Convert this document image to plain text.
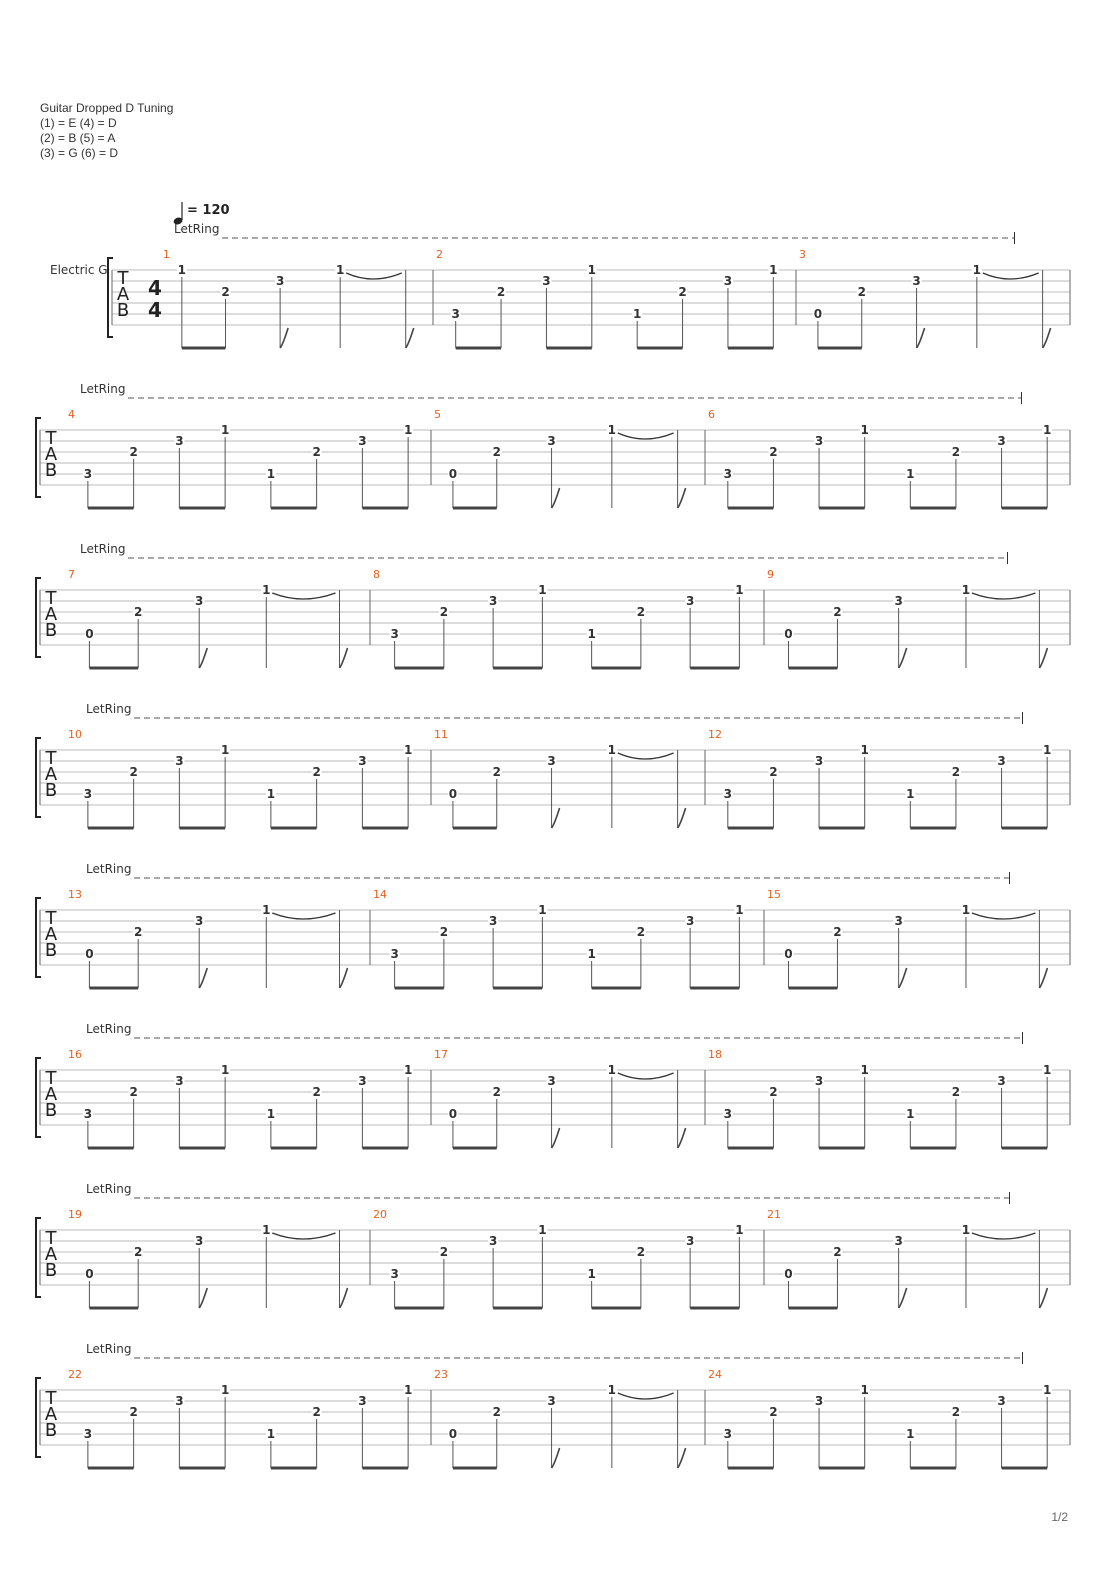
Guitar Dropped D Tuning
(1) = E (4) = D
(2) = B (5) = A
(3) = G (6) = D
= 120
Electric G
LetRing
T
A
B
4
4
1
1
2
3
1
2
3
2
3
1
1
2
3
1
3
0
2
3
1
LetRing
T
A
B
4
3
2
3
1
1
2
3
1
5
0
2
3
1
6
3
2
3
1
1
2
3
1
LetRing
T
A
B
7
0
2
3
1
8
3
2
3
1
1
2
3
1
9
0
2
3
1
LetRing
T
A
B
10
3
2
3
1
1
2
3
1
11
0
2
3
1
12
3
2
3
1
1
2
3
1
LetRing
T
A
B
13
0
2
3
1
14
3
2
3
1
1
2
3
1
15
0
2
3
1
LetRing
T
A
B
16
3
2
3
1
1
2
3
1
17
0
2
3
1
18
3
2
3
1
1
2
3
1
LetRing
T
A
B
19
0
2
3
1
20
3
2
3
1
1
2
3
1
21
0
2
3
1
LetRing
T
A
B
22
3
2
3
1
1
2
3
1
23
0
2
3
1
24
3
2
3
1
1
2
3
1
1/2
